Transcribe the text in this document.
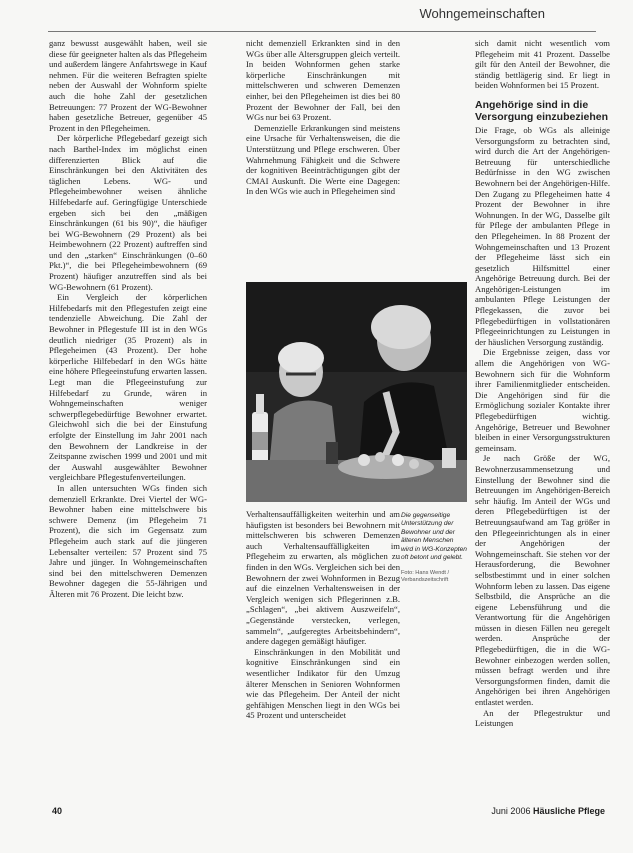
Wohngemeinschaften

ganz bewusst ausgewählt haben, weil sie diese für geeigneter halten als das Pflegeheim und außerdem längere Anfahrtswege in Kauf nehmen. Für die weiteren Befragten spielte neben der Auswahl der Wohnform spielte auch die hohe Zahl der gesetzlichen Betreuungen: 77 Prozent der WG-Bewohner haben gesetzliche Betreuer, gegenüber 45 Prozent in den Pflegeheimen.

Der körperliche Pflegebedarf gezeigt sich nach Barthel-Index im möglichst einen differenzierten Blick auf die Einschränkungen bei den Aktivitäten des täglichen Lebens. WG- und Pflegeheimbewohner weisen ähnliche Hilfebedarfe auf. Geringfügige Unterschiede ergeben sich bei den „mäßigen Einschränkungen (61 bis 90)“, die häufiger bei WG-Bewohnern (29 Prozent) als bei Heimbewohnern (22 Prozent) auftreffen sind und den „starken“ Einschränkungen (0–60 Pkt.)“, die bei Pflegeheimbewohnern (69 Prozent) häufiger anzutreffen sind als bei WG-Bewohnern (61 Prozent).

Ein Vergleich der körperlichen Hilfebedarfs mit den Pflegestufen zeigt eine tendenzielle Abweichung. Die Zahl der Bewohner in Pflegestufe III ist in den WGs deutlich niedriger (35 Prozent) als in Pflegeheimen (43 Prozent). Der hohe körperliche Hilfebedarf in den WGs hätte eine höhere Pflegeeinstufung erwarten lassen. Legt man die Pflegeeinstufung zur Hilfebedarf zu Grunde, wären in Wohngemeinschaften weniger schwerpflegebedürftige Bewohner erwartet. Gleichwohl sich die bei der Einstufung erfolgte der Einstellung im Jahr 2001 nach den Bewohnern der Landkreise in der Zeitspanne zwischen 1999 und 2001 und mit der Auswahl ausgewählter Bewohner vergleichbare Pflegestufenverteilungen.

In allen untersuchten WGs finden sich demenziell Erkrankte. Drei Viertel der WG-Bewohner haben eine mittelschwere bis schwere Demenz (im Pflegeheim 71 Prozent), die sich im Gegensatz zum Pflegeheim auch stark auf die jüngeren Lebensalter verteilen: 57 Prozent sind 75 Jahre und jünger. In Wohngemeinschaften sind bei den mittelschweren Demenzen Bewohner dagegen die 55-Jährigen und Älteren mit 76 Prozent. Die leicht bzw.

nicht demenziell Erkrankten sind in den WGs über alle Altersgruppen gleich verteilt. In beiden Wohnformen gehen starke körperliche Einschränkungen mit mittelschweren und schweren Demenzen einher, bei den Pflegeheimen ist dies bei 80 Prozent der Bewohner der Fall, bei den WGs nur bei 63 Prozent.

Demenzielle Erkrankungen sind meistens eine Ursache für Verhaltensweisen, die die Unterstützung und Pflege erschweren. Über Wahrnehmung Fähigkeit und die Schwere der kognitiven Beeinträchtigungen gibt der CMAI Auskunft. Die Werte eine Dagegen: In den WGs wie auch in Pflegeheimen sind

Die gegenseitige Unterstützung der Bewohner und der älteren Menschen wird in WG-Konzepten oft betont und gelebt.
Foto: Hans Wendt / Verbandszeitschrift

Verhaltensauffälligkeiten weiterhin und am häufigsten ist besonders bei Bewohnern mit mittelschweren bis schweren Demenzen auch Verhaltensauffälligkeiten im Pflegeheim zu erwarten, als möglichen zu finden in den WGs. Vergleichen sich bei den Bewohnern der zwei Wohnformen in Bezug auf die einzelnen Verhaltensweisen in der Vergleich wenigen sich Pflegerinnen z.B. „Schlagen“, „bei aktivem Auszweifeln“, „Gegenstände verstecken, verlegen, sammeln“, „aufgeregtes Arbeitsbehindern“, andere dagegen gemäßigt häufiger.

Einschränkungen in den Mobilität und kognitive Einschränkungen sind ein wesentlicher Indikator für den Umzug älterer Menschen in Senioren Wohnformen wie das Pflegeheim. Der Anteil der nicht gehfähigen Menschen liegt in den WGs bei 45 Prozent und unterscheidet

sich damit nicht wesentlich vom Pflegeheim mit 41 Prozent. Dasselbe gilt für den Anteil der Bewohner, die ständig bettlägerig sind. Er liegt in beiden Wohnformen bei 15 Prozent.

Angehörige sind in die Versorgung einzubeziehen

Die Frage, ob WGs als alleinige Versorgungsform zu betrachten sind, wird durch die Art der Angehörigen-Betreuung für unterschiedliche Bedürfnisse in den WG zwischen Bewohnern bei der Angehörigen-Hilfe. Den Zugang zu Pflegeheimen hatte 4 Prozent der Bewohner in ihre Wohnungen. In der WG, Dasselbe gilt für Pflege der ambulanten Pflege in den Pflegeheimen. In 88 Prozent der Wohngemeinschaften und 13 Prozent der Pflegeheime lässt sich ein gesetzlich Hilfsmittel einer Angehörige Betreuung durch. Bei der Angehörigen-Leistungen im ambulanten Pflege Leistungen der Pflegekassen, die zuvor bei Pflegebedürftigen in vollstationären Pflegeeinrichtungen zu Leistungen in der häuslichen Versorgung zuständig.

Die Ergebnisse zeigen, dass vor allem die Angehörigen von WG-Bewohnern sich für die Wohnform ihrer Familienmitglieder entscheiden. Die Angehörigen sind für die Ermöglichung sozialer Kontakte ihrer Pflegebedürftigen wichtig. Angehörige, Betreuer und Bewohner bleiben in einer Versorgungsstrukturen gemeinsam.

Je nach Größe der WG, Bewohnerzusammensetzung und Einstellung der Bewohner sind die Betreuungen im Angehörigen-Bereich sehr häufig. Im Anteil der WGs und deren Pflegebedürftigen ist der Betreuungsaufwand am Tag größer in den Pflegeeinrichtungen als in einer der Angehörigen der Wohngemeinschaft. Sie stehen vor der Herausforderung, die Bewohner selbstbestimmt und in einer solchen Wohnform leben zu lassen. Das eigene Selbstbild, die Ansprüche an die eigene Lebensführung und die Verantwortung für die Angehörigen müssen in diesen Fällen neu geregelt werden. Ansprüche der Pflegebedürftigen, die in die WG-Bewohner einbezogen werden sollen, müssen befragt werden und ihre Versorgungsformen finden, damit die Angehörigen bei ihren Angehörigen entlastet werden.

An der Pflegestruktur und Leistungen

40	Juni 2006 Häusliche Pflege
